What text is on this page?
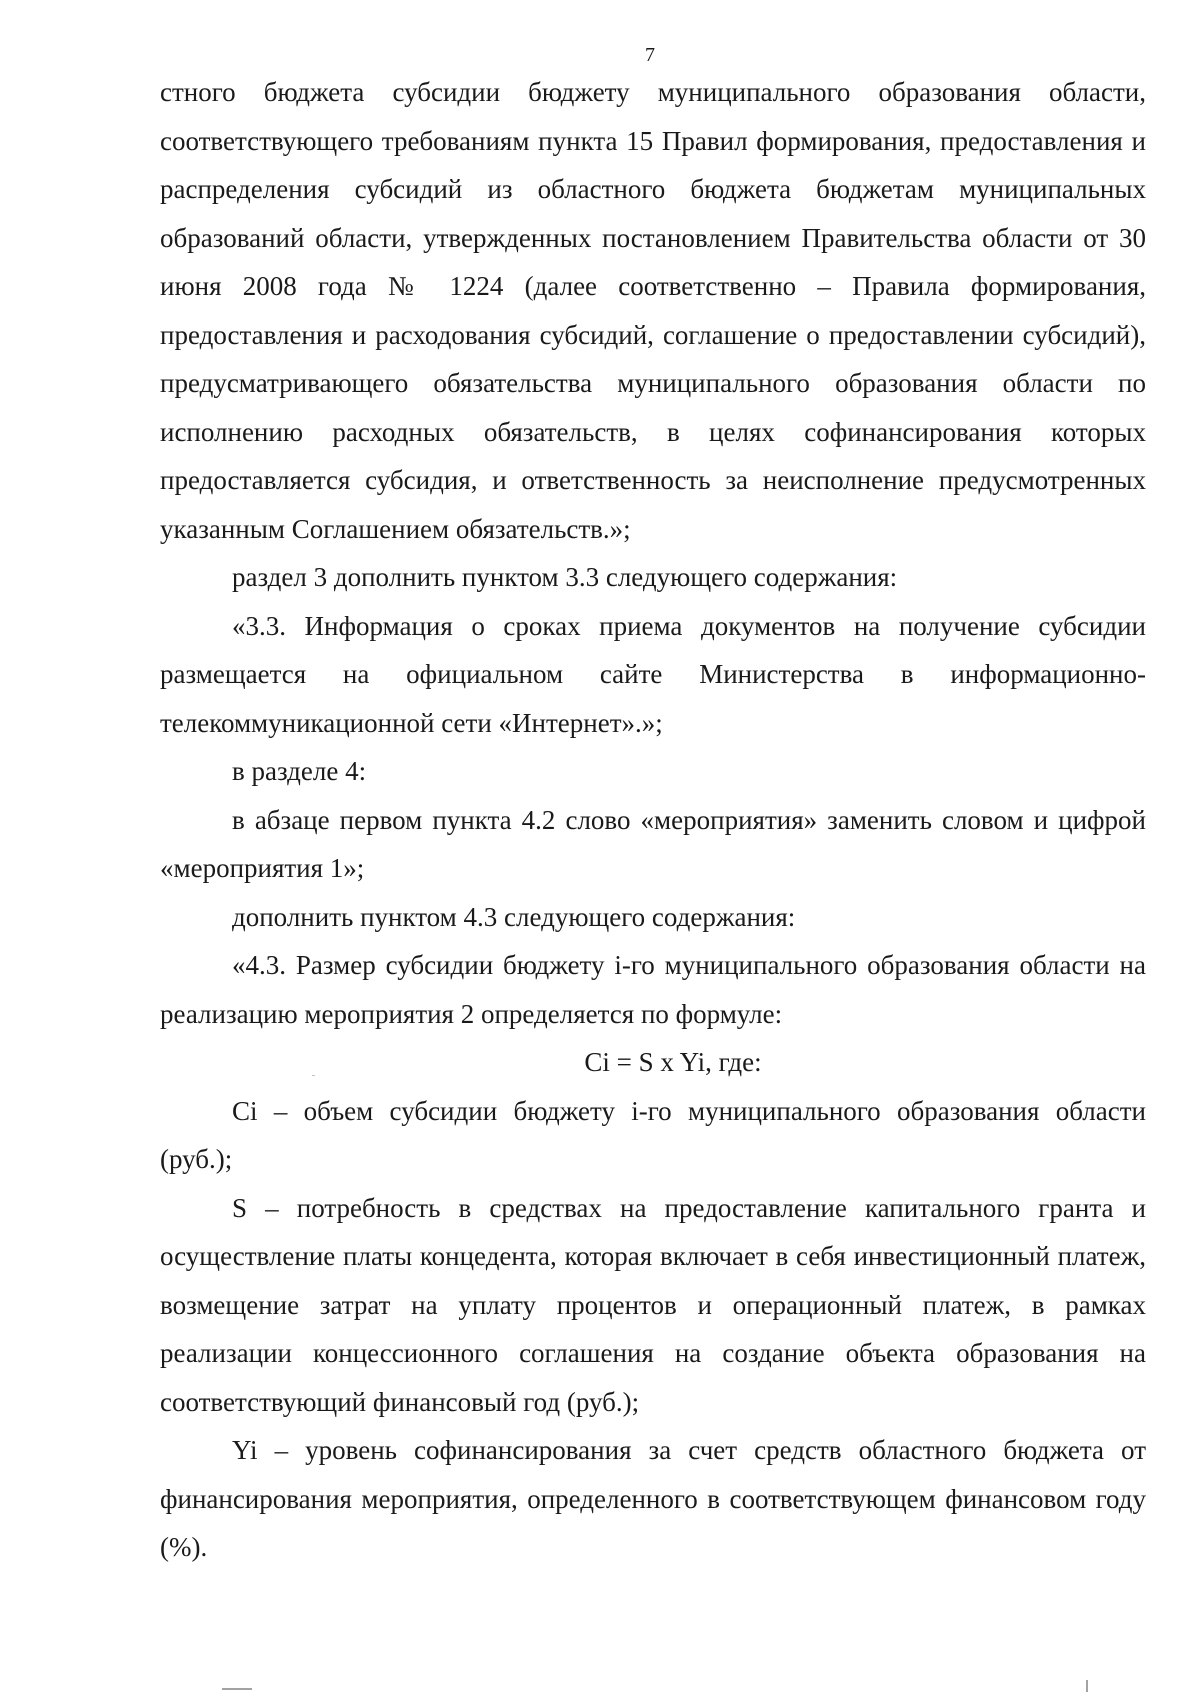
7

стного бюджета субсидии бюджету муниципального образования области, соответствующего требованиям пункта 15 Правил формирования, предоставления и распределения субсидий из областного бюджета бюджетам муниципальных образований области, утвержденных постановлением Правительства области от 30 июня 2008 года № 1224 (далее соответственно – Правила формирования, предоставления и расходования субсидий, соглашение о предоставлении субсидий), предусматривающего обязательства муниципального образования области по исполнению расходных обязательств, в целях софинансирования которых предоставляется субсидия, и ответственность за неисполнение предусмотренных указанным Соглашением обязательств.»;

раздел 3 дополнить пунктом 3.3 следующего содержания:

«3.3. Информация о сроках приема документов на получение субсидии размещается на официальном сайте Министерства в информационно-телекоммуникационной сети «Интернет».»;

в разделе 4:

в абзаце первом пункта 4.2 слово «мероприятия» заменить словом и цифрой «мероприятия 1»;

дополнить пунктом 4.3 следующего содержания:

«4.3. Размер субсидии бюджету i-го муниципального образования области на реализацию мероприятия 2 определяется по формуле:

Ci = S x Yi, где:

Ci – объем субсидии бюджету i-го муниципального образования области (руб.);

S – потребность в средствах на предоставление капитального гранта и осуществление платы концедента, которая включает в себя инвестиционный платеж, возмещение затрат на уплату процентов и операционный платеж, в рамках реализации концессионного соглашения на создание объекта образования на соответствующий финансовый год (руб.);

Yi – уровень софинансирования за счет средств областного бюджета от финансирования мероприятия, определенного в соответствующем финансовом году (%).
